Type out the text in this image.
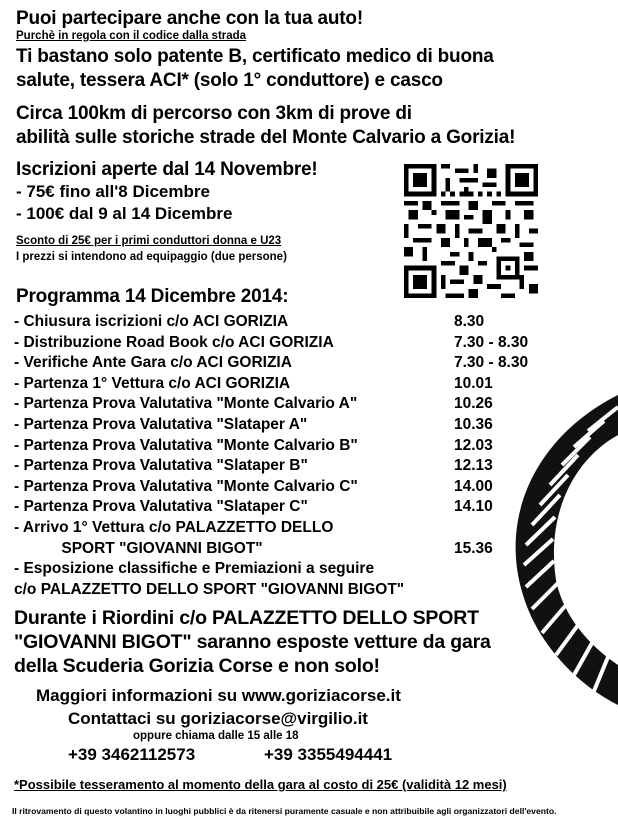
Puoi partecipare anche con la tua auto!
Purchè in regola con il codice dalla strada
Ti bastano solo patente B, certificato medico di buona
salute, tessera ACI* (solo 1° conduttore) e casco
Circa 100km di percorso con 3km di prove di
abilità sulle storiche strade del Monte Calvario a Gorizia!
Iscrizioni aperte dal 14 Novembre!
- 75€ fino all'8 Dicembre
- 100€ dal 9 al 14 Dicembre
Sconto di 25€ per i primi conduttori donna e U23
I prezzi si intendono ad equipaggio (due persone)
Programma 14 Dicembre 2014:
- Chiusura iscrizioni c/o ACI GORIZIA	8.30
- Distribuzione Road Book c/o ACI GORIZIA	7.30 - 8.30
- Verifiche Ante Gara c/o ACI GORIZIA	7.30 - 8.30
- Partenza 1° Vettura c/o ACI GORIZIA	10.01
- Partenza Prova Valutativa "Monte Calvario A"	10.26
- Partenza Prova Valutativa "Slataper A"	10.36
- Partenza Prova Valutativa "Monte Calvario B"	12.03
- Partenza Prova Valutativa "Slataper B"	12.13
- Partenza Prova Valutativa "Monte Calvario C"	14.00
- Partenza Prova Valutativa "Slataper C"	14.10
- Arrivo 1° Vettura c/o PALAZZETTO DELLO
SPORT "GIOVANNI BIGOT"	15.36
- Esposizione classifiche e Premiazioni a seguire
c/o PALAZZETTO DELLO SPORT "GIOVANNI BIGOT"
Durante i Riordini c/o PALAZZETTO DELLO SPORT
"GIOVANNI BIGOT" saranno esposte vetture da gara
della Scuderia Gorizia Corse e non solo!
Maggiori informazioni su www.goriziacorse.it
Contattaci su goriziacorse@virgilio.it
oppure chiama dalle 15 alle 18
+39 3462112573	+39 3355494441
*Possibile tesseramento al momento della gara al costo di 25€ (validità 12 mesi)
Il ritrovamento di questo volantino in luoghi pubblici è da ritenersi puramente casuale e non attribuibile agli organizzatori dell'evento.
